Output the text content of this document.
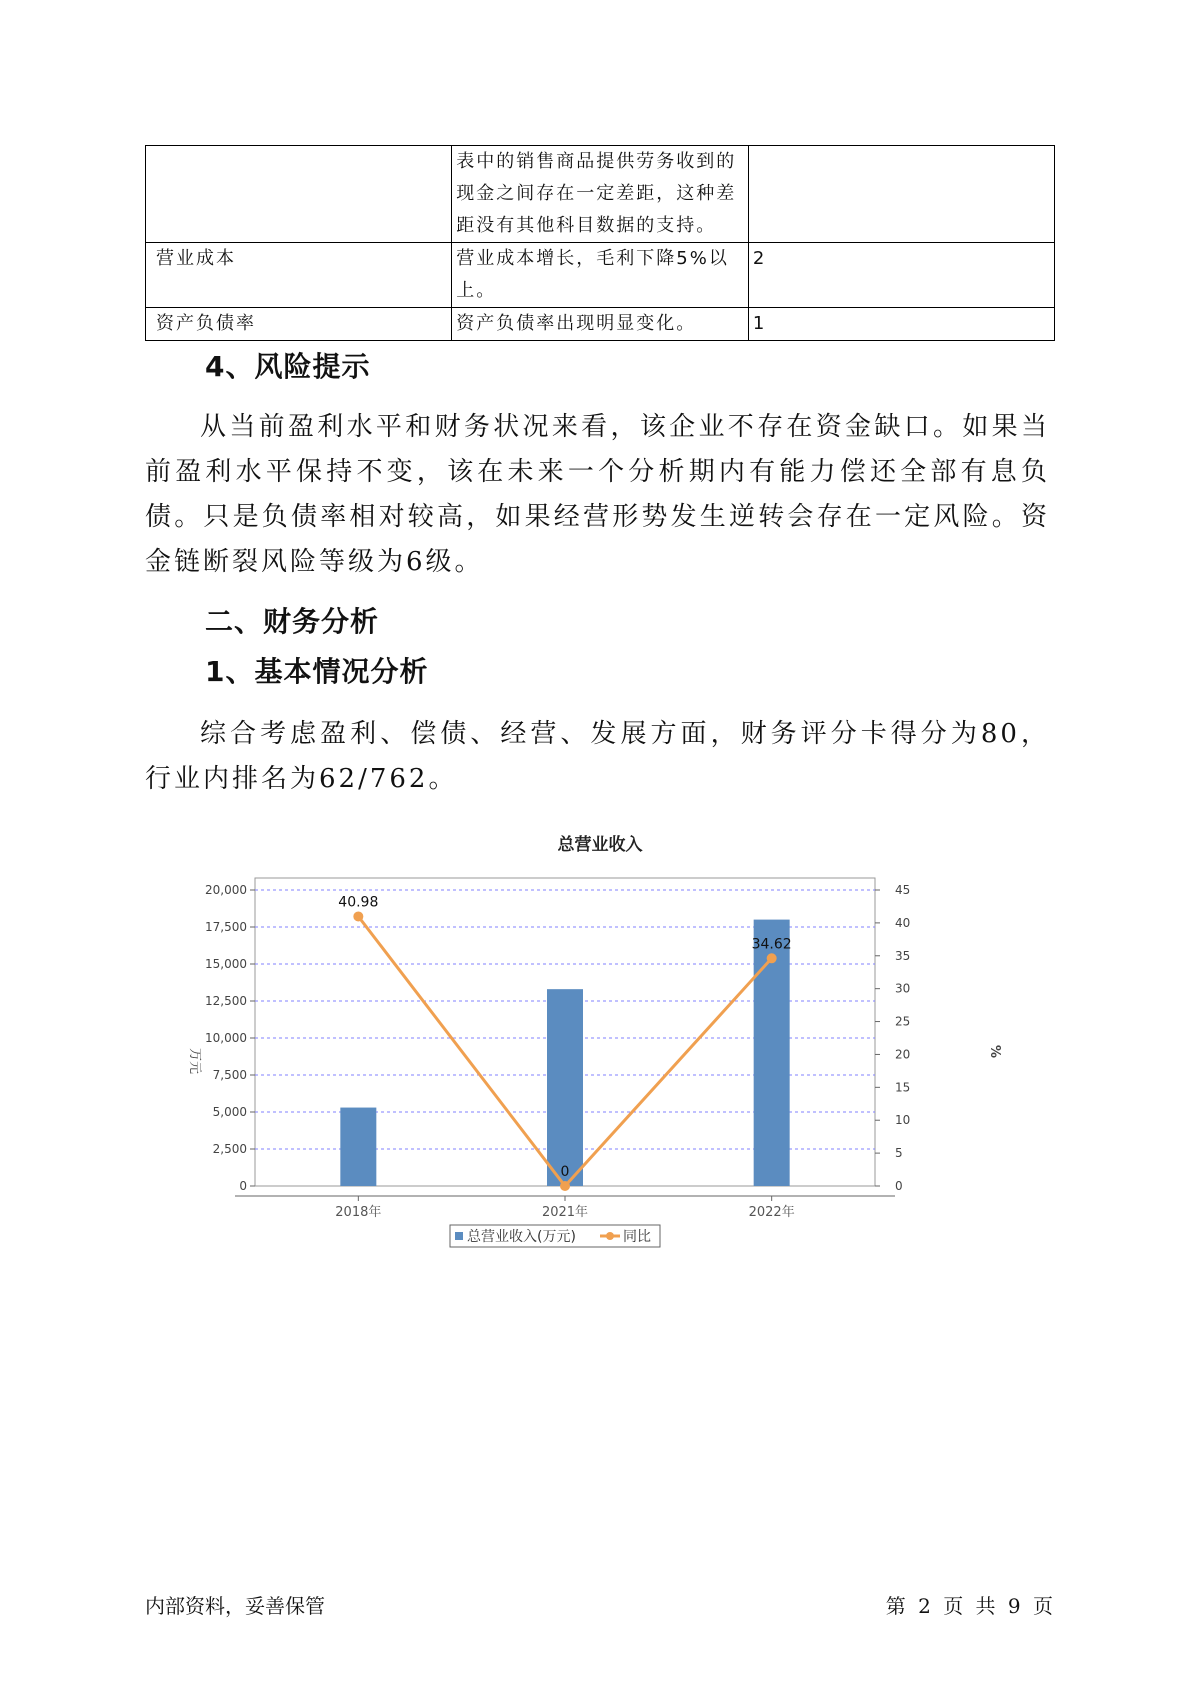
	表中的销售商品提供劳务收到的现金之间存在一定差距，这种差距没有其他科目数据的支持。	
营业成本	营业成本增长，毛利下降5%以上。	2
资产负债率	资产负债率出现明显变化。	1
4、风险提示

从当前盈利水平和财务状况来看，该企业不存在资金缺口。如果当前盈利水平保持不变，该在未来一个分析期内有能力偿还全部有息负债。只是负债率相对较高，如果经营形势发生逆转会存在一定风险。资金链断裂风险等级为6级。

二、财务分析
1、基本情况分析

综合考虑盈利、偿债、经营、发展方面，财务评分卡得分为80，行业内排名为62/762。

总营业收入
万元	%
40.98
0
34.62
0
2,500
5,000
7,500
10,000
12,500
15,000
17,500
20,000
0
5
10
15
20
25
30
35
40
45
2018年	2021年	2022年
总营业收入(万元)	同比
内部资料，妥善保管	第 2 页 共 9 页
